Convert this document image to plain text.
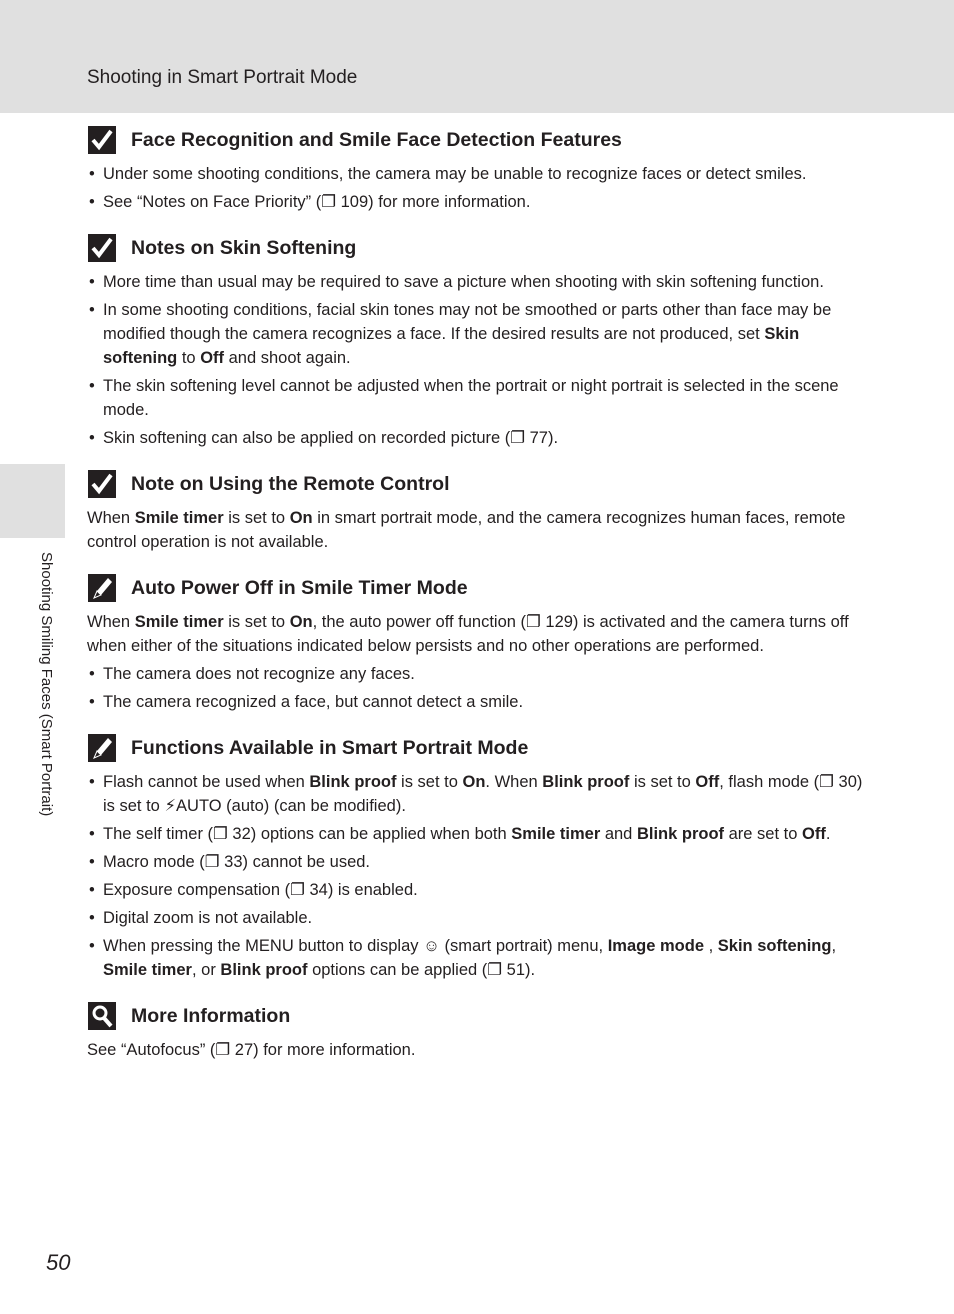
Shooting in Smart Portrait Mode
Shooting Smiling Faces (Smart Portrait)
Face Recognition and Smile Face Detection Features
• Under some shooting conditions, the camera may be unable to recognize faces or detect smiles.
• See “Notes on Face Priority” (❐ 109) for more information.
Notes on Skin Softening
• More time than usual may be required to save a picture when shooting with skin softening function.
• In some shooting conditions, facial skin tones may not be smoothed or parts other than face may be modified though the camera recognizes a face. If the desired results are not produced, set Skin softening to Off and shoot again.
• The skin softening level cannot be adjusted when the portrait or night portrait is selected in the scene mode.
• Skin softening can also be applied on recorded picture (❐ 77).
Note on Using the Remote Control

When Smile timer is set to On in smart portrait mode, and the camera recognizes human faces, remote control operation is not available.

Auto Power Off in Smile Timer Mode

When Smile timer is set to On, the auto power off function (❐ 129) is activated and the camera turns off when either of the situations indicated below persists and no other operations are performed.

• The camera does not recognize any faces.
• The camera recognized a face, but cannot detect a smile.
Functions Available in Smart Portrait Mode
• Flash cannot be used when Blink proof is set to On. When Blink proof is set to Off, flash mode (❐ 30) is set to ⚡AUTO (auto) (can be modified).
• The self timer (❐ 32) options can be applied when both Smile timer and Blink proof are set to Off.
• Macro mode (❐ 33) cannot be used.
• Exposure compensation (❐ 34) is enabled.
• Digital zoom is not available.
• When pressing the MENU button to display ☺ (smart portrait) menu, Image mode , Skin softening, Smile timer, or Blink proof options can be applied (❐ 51).
More Information

See “Autofocus” (❐ 27) for more information.

50
